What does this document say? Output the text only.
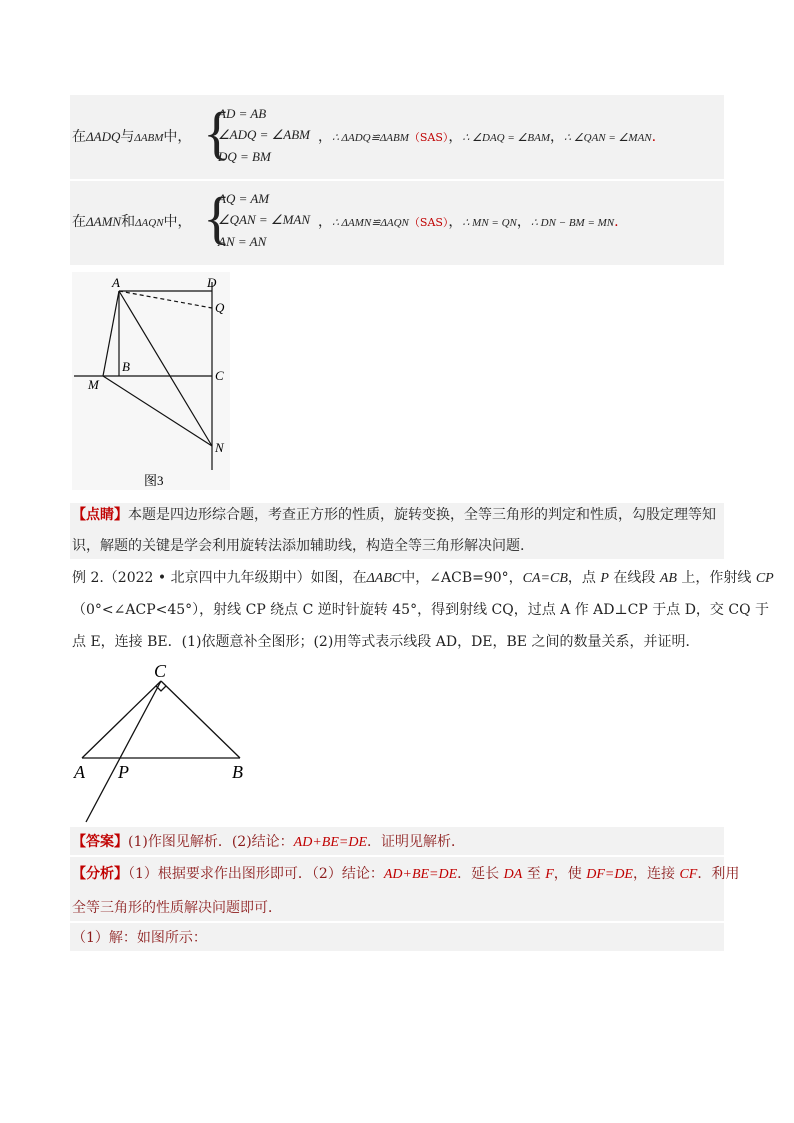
在ΔADQ与ΔABM中， {
AD = AB
∠ADQ = ∠ABM
DQ = BM
，∴ ΔADQ≌ΔABM（SAS），∴ ∠DAQ = ∠BAM，∴ ∠QAN = ∠MAN.
在ΔAMN和ΔAQN中， {
AQ = AM
∠QAN = ∠MAN
AN = AN
，∴ ΔAMN≌ΔAQN（SAS），∴ MN = QN，∴ DN − BM = MN.
A	D
Q
B
C
M
N
图3
【点睛】本题是四边形综合题，考查正方形的性质，旋转变换，全等三角形的判定和性质，勾股定理等知
识，解题的关键是学会利用旋转法添加辅助线，构造全等三角形解决问题.
例 2.（2022 • 北京四中九年级期中）如图，在ΔABC中，∠ACB=90°，CA=CB，点 P 在线段 AB 上，作射线 CP
（0°<∠ACP<45°），射线 CP 绕点 C 逆时针旋转 45°，得到射线 CQ，过点 A 作 AD⊥CP 于点 D，交 CQ 于
点 E，连接 BE．(1)依题意补全图形；(2)用等式表示线段 AD，DE，BE 之间的数量关系，并证明．
C
A P	B
【答案】(1)作图见解析．(2)结论：AD+BE=DE．证明见解析．
【分析】（1）根据要求作出图形即可．（2）结论：AD+BE=DE．延长 DA 至 F，使 DF=DE，连接 CF．利用
全等三角形的性质解决问题即可．
（1）解：如图所示：
